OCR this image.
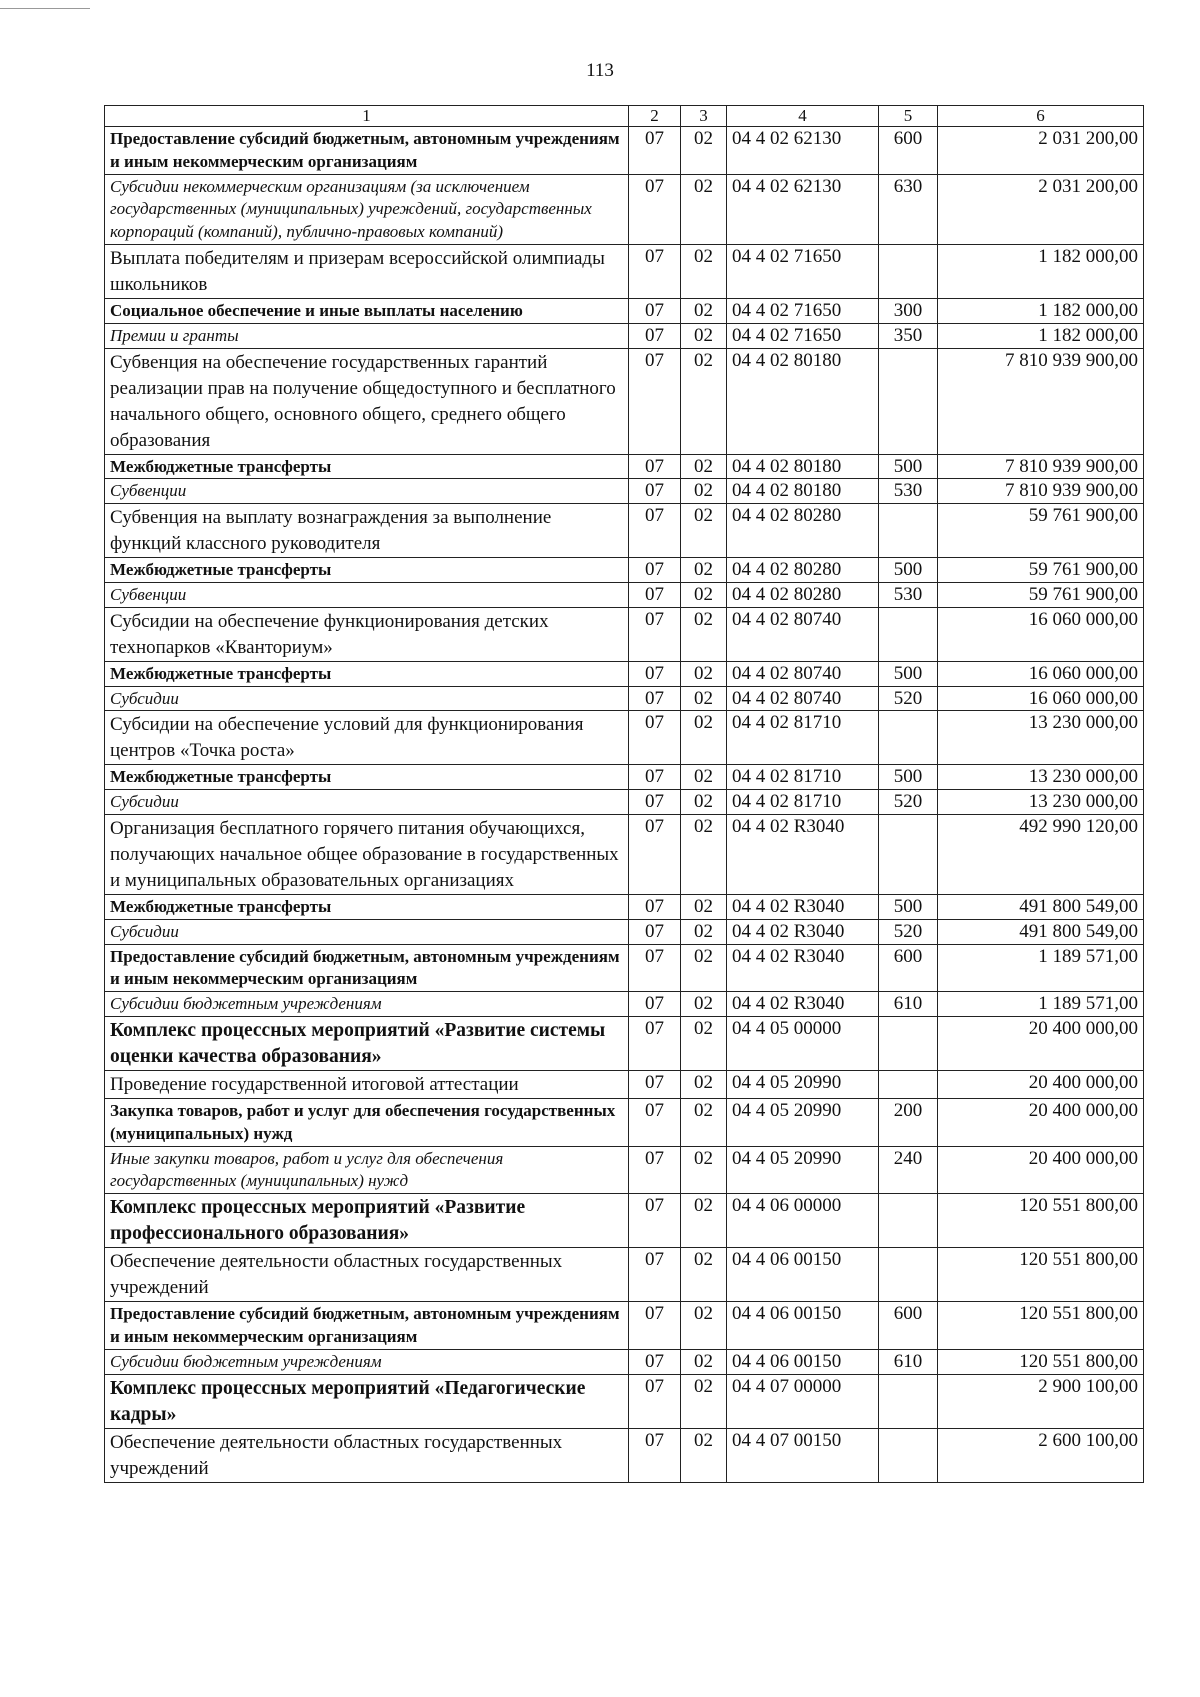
113
1	2	3	4	5	6
Предоставление субсидий бюджетным, автономным учреждениям и иным некоммерческим организациям	07	02	04 4 02 62130	600	2 031 200,00
Субсидии некоммерческим организациям (за исключением государственных (муниципальных) учреждений, государственных корпораций (компаний), публично-правовых компаний)	07	02	04 4 02 62130	630	2 031 200,00
Выплата победителям и призерам всероссийской олимпиады школьников	07	02	04 4 02 71650		1 182 000,00
Социальное обеспечение и иные выплаты населению	07	02	04 4 02 71650	300	1 182 000,00
Премии и гранты	07	02	04 4 02 71650	350	1 182 000,00
Субвенция на обеспечение государственных гарантий реализации прав на получение общедоступного и бесплатного начального общего, основного общего, среднего общего образования	07	02	04 4 02 80180		7 810 939 900,00
Межбюджетные трансферты	07	02	04 4 02 80180	500	7 810 939 900,00
Субвенции	07	02	04 4 02 80180	530	7 810 939 900,00
Субвенция на выплату вознаграждения за выполнение функций классного руководителя	07	02	04 4 02 80280		59 761 900,00
Межбюджетные трансферты	07	02	04 4 02 80280	500	59 761 900,00
Субвенции	07	02	04 4 02 80280	530	59 761 900,00
Субсидии на обеспечение функционирования детских технопарков «Кванториум»	07	02	04 4 02 80740		16 060 000,00
Межбюджетные трансферты	07	02	04 4 02 80740	500	16 060 000,00
Субсидии	07	02	04 4 02 80740	520	16 060 000,00
Субсидии на обеспечение условий для функционирования центров «Точка роста»	07	02	04 4 02 81710		13 230 000,00
Межбюджетные трансферты	07	02	04 4 02 81710	500	13 230 000,00
Субсидии	07	02	04 4 02 81710	520	13 230 000,00
Организация бесплатного горячего питания обучающихся, получающих начальное общее образование в государственных и муниципальных образовательных организациях	07	02	04 4 02 R3040		492 990 120,00
Межбюджетные трансферты	07	02	04 4 02 R3040	500	491 800 549,00
Субсидии	07	02	04 4 02 R3040	520	491 800 549,00
Предоставление субсидий бюджетным, автономным учреждениям и иным некоммерческим организациям	07	02	04 4 02 R3040	600	1 189 571,00
Субсидии бюджетным учреждениям	07	02	04 4 02 R3040	610	1 189 571,00
Комплекс процессных мероприятий «Развитие системы оценки качества образования»	07	02	04 4 05 00000		20 400 000,00
Проведение государственной итоговой аттестации	07	02	04 4 05 20990		20 400 000,00
Закупка товаров, работ и услуг для обеспечения государственных (муниципальных) нужд	07	02	04 4 05 20990	200	20 400 000,00
Иные закупки товаров, работ и услуг для обеспечения государственных (муниципальных) нужд	07	02	04 4 05 20990	240	20 400 000,00
Комплекс процессных мероприятий «Развитие профессионального образования»	07	02	04 4 06 00000		120 551 800,00
Обеспечение деятельности областных государственных учреждений	07	02	04 4 06 00150		120 551 800,00
Предоставление субсидий бюджетным, автономным учреждениям и иным некоммерческим организациям	07	02	04 4 06 00150	600	120 551 800,00
Субсидии бюджетным учреждениям	07	02	04 4 06 00150	610	120 551 800,00
Комплекс процессных мероприятий «Педагогические кадры»	07	02	04 4 07 00000		2 900 100,00
Обеспечение деятельности областных государственных учреждений	07	02	04 4 07 00150		2 600 100,00
